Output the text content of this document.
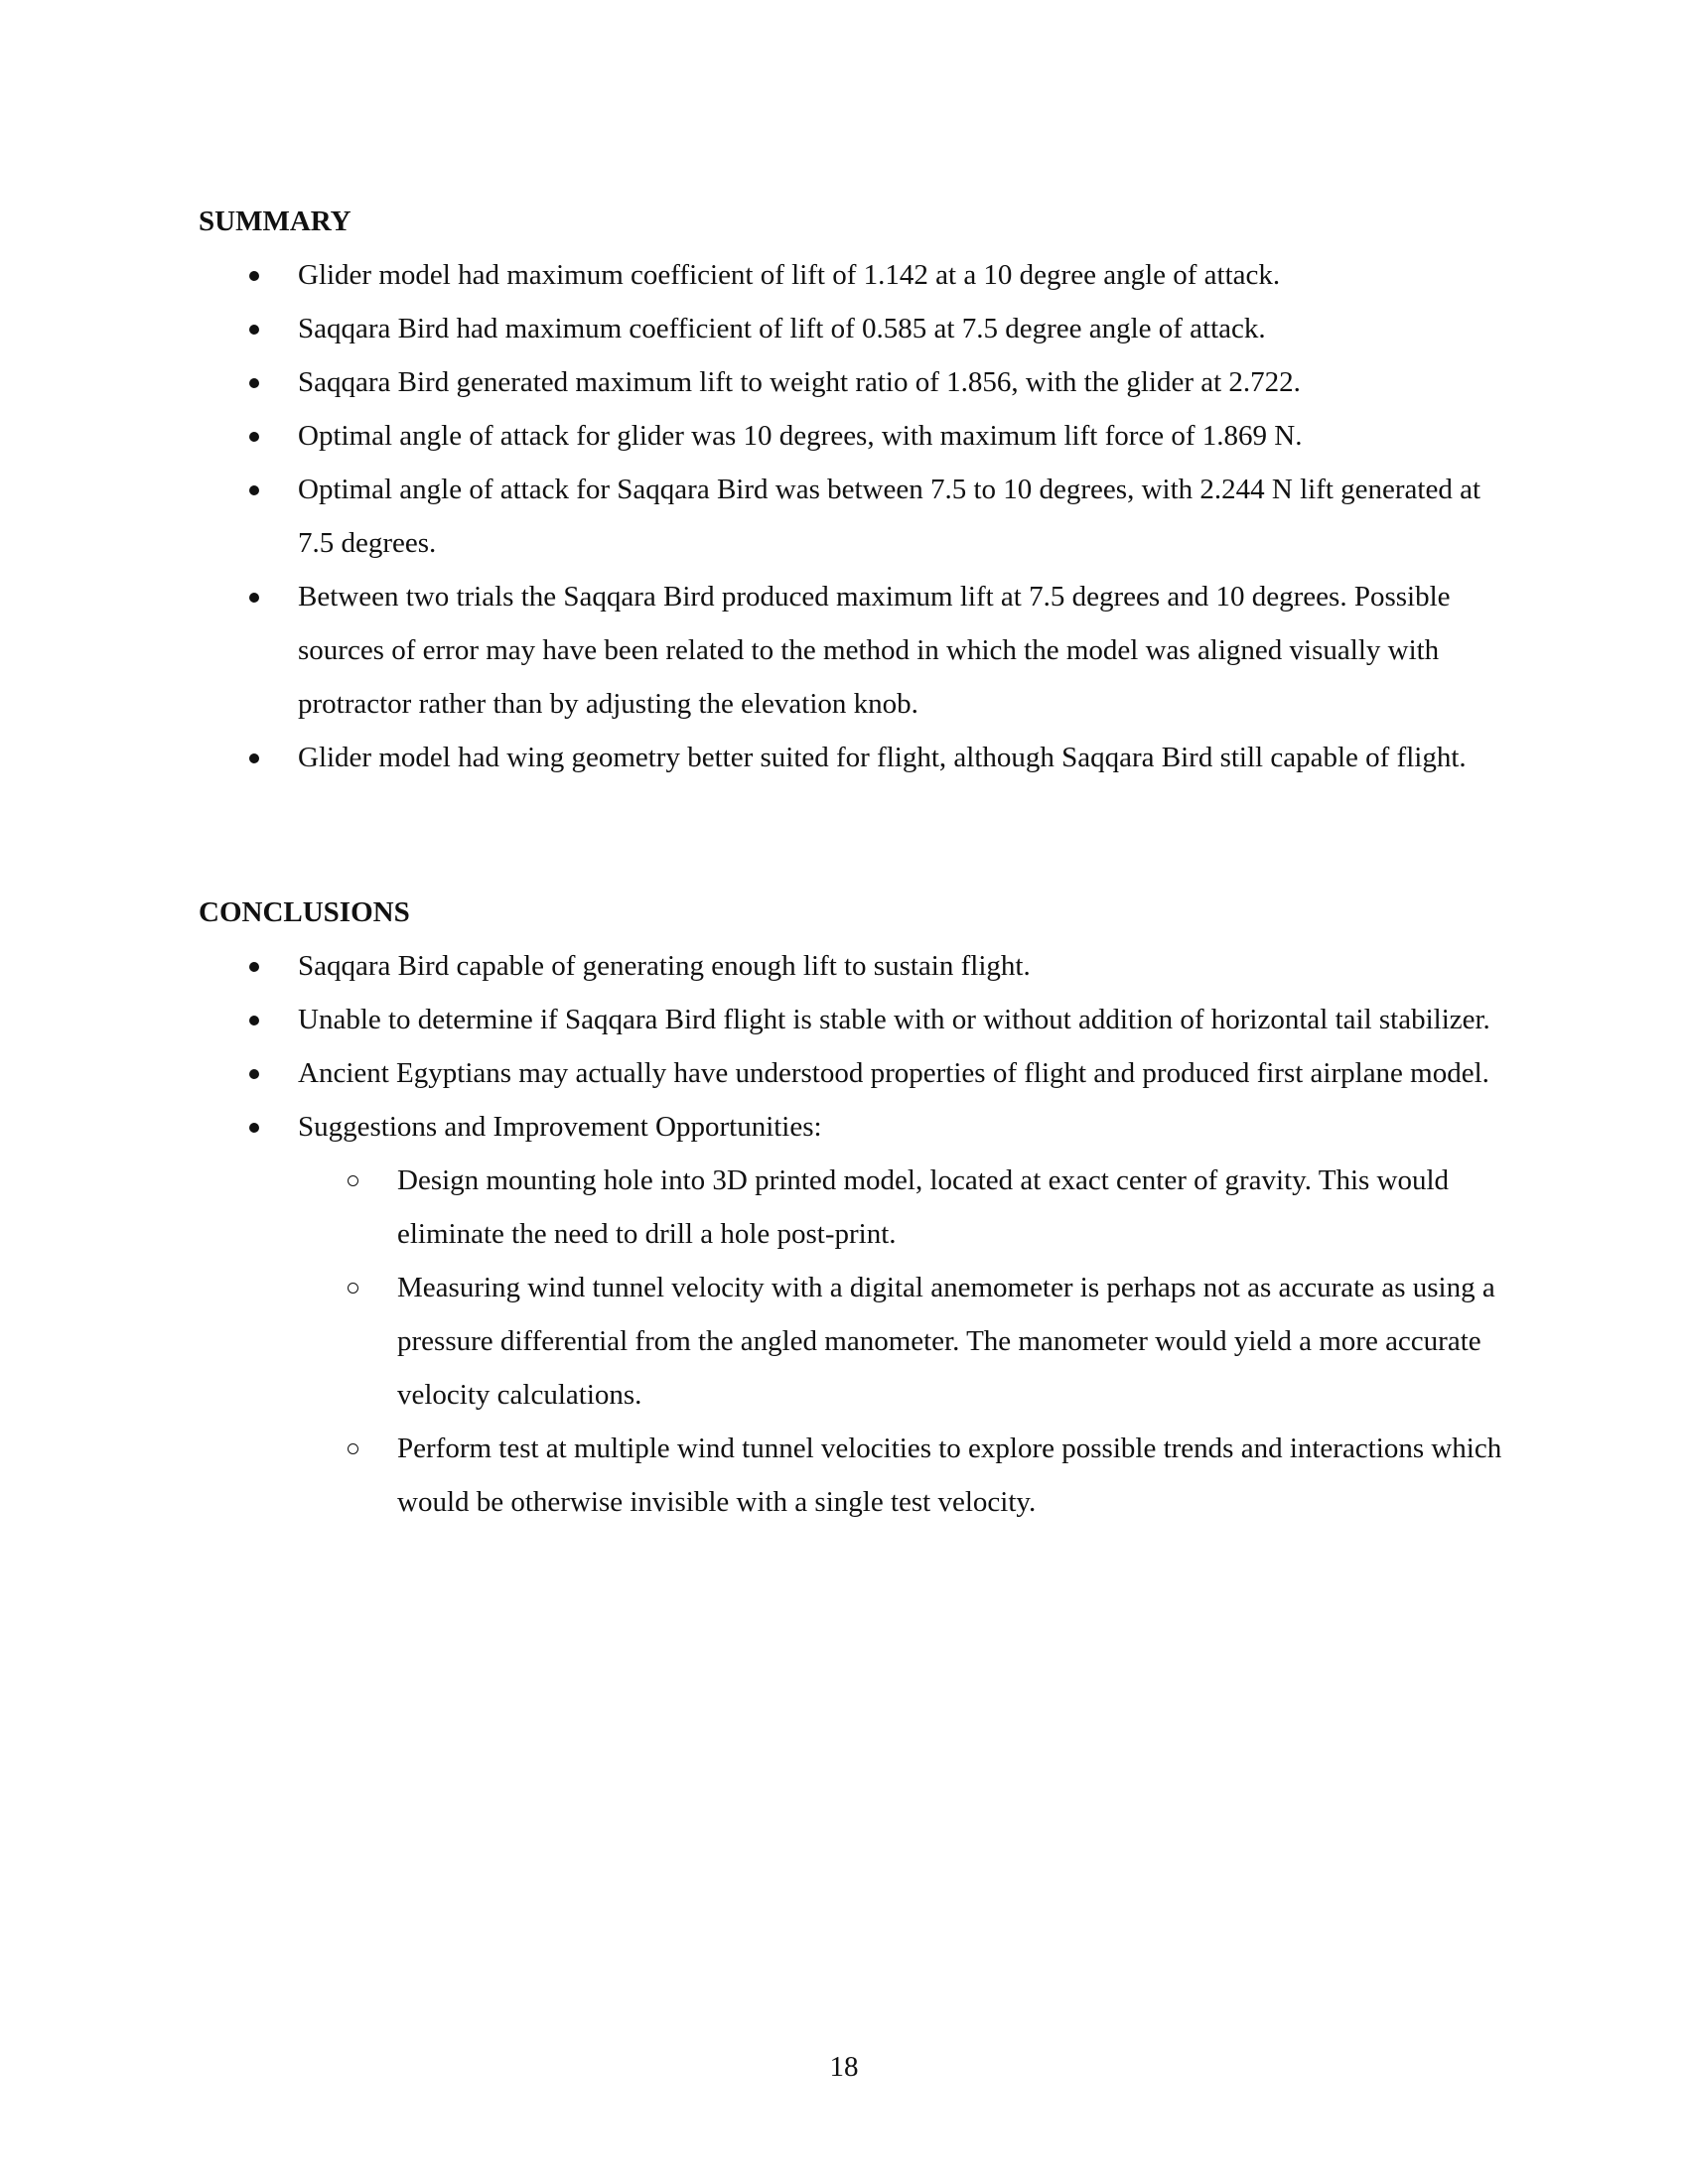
SUMMARY
Glider model had maximum coefficient of lift of 1.142 at a 10 degree angle of attack.
Saqqara Bird had maximum coefficient of lift of 0.585 at 7.5 degree angle of attack.
Saqqara Bird generated maximum lift to weight ratio of 1.856, with the glider at 2.722.
Optimal angle of attack for glider was 10 degrees, with maximum lift force of 1.869 N.
Optimal angle of attack for Saqqara Bird was between 7.5 to 10 degrees, with 2.244 N lift generated at 7.5 degrees.
Between two trials the Saqqara Bird produced maximum lift at 7.5 degrees and 10 degrees. Possible sources of error may have been related to the method in which the model was aligned visually with protractor rather than by adjusting the elevation knob.
Glider model had wing geometry better suited for flight, although Saqqara Bird still capable of flight.
CONCLUSIONS
Saqqara Bird capable of generating enough lift to sustain flight.
Unable to determine if Saqqara Bird flight is stable with or without addition of horizontal tail stabilizer.
Ancient Egyptians may actually have understood properties of flight and produced first airplane model.
Suggestions and Improvement Opportunities:
Design mounting hole into 3D printed model, located at exact center of gravity. This would eliminate the need to drill a hole post-print.
Measuring wind tunnel velocity with a digital anemometer is perhaps not as accurate as using a pressure differential from the angled manometer. The manometer would yield a more accurate velocity calculations.
Perform test at multiple wind tunnel velocities to explore possible trends and interactions which would be otherwise invisible with a single test velocity.
18
